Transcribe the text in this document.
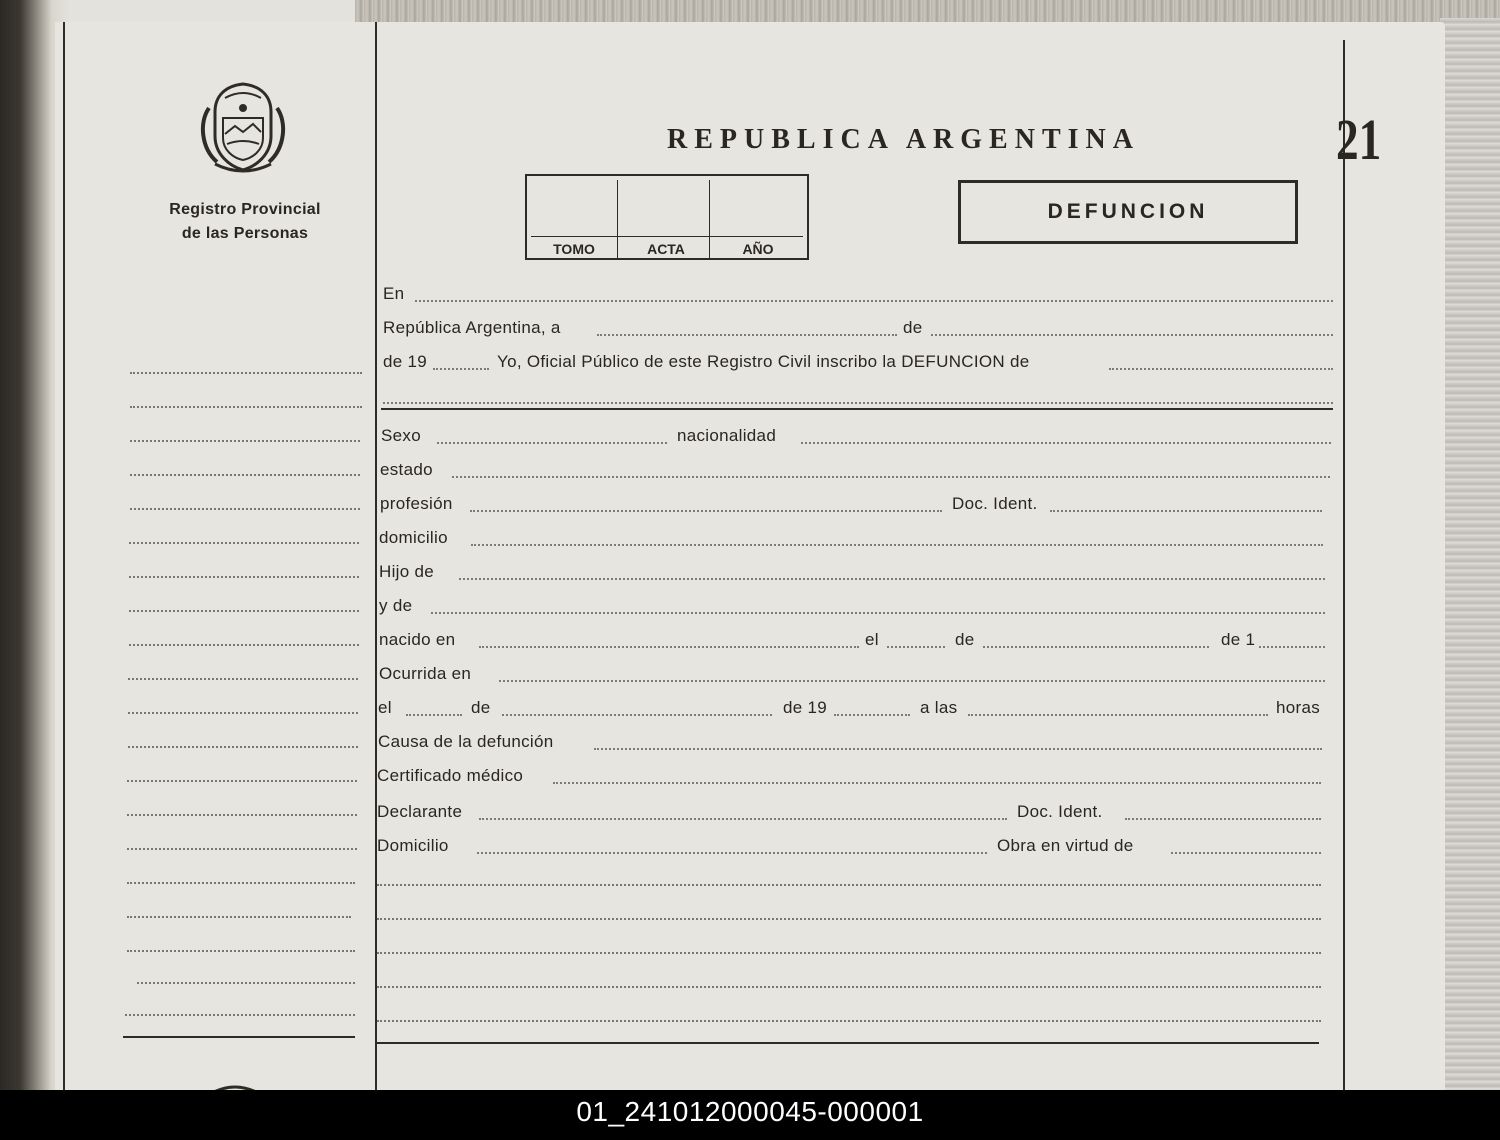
Registro Provincial
de las Personas
REPUBLICA ARGENTINA	21
TOMO	ACTA	AÑO
DEFUNCION
En
República Argentina, a	de
de 19	Yo, Oficial Público de este Registro Civil inscribo la DEFUNCION de
Sexo	nacionalidad
estado
profesión	Doc. Ident.
domicilio
Hijo de
y de
nacido en	el	de	de 1
Ocurrida en
el	de	de 19	a las	horas
Causa de la defunción
Certificado médico
Declarante	Doc. Ident.
Domicilio	Obra en virtud de
01_241012000045-000001
